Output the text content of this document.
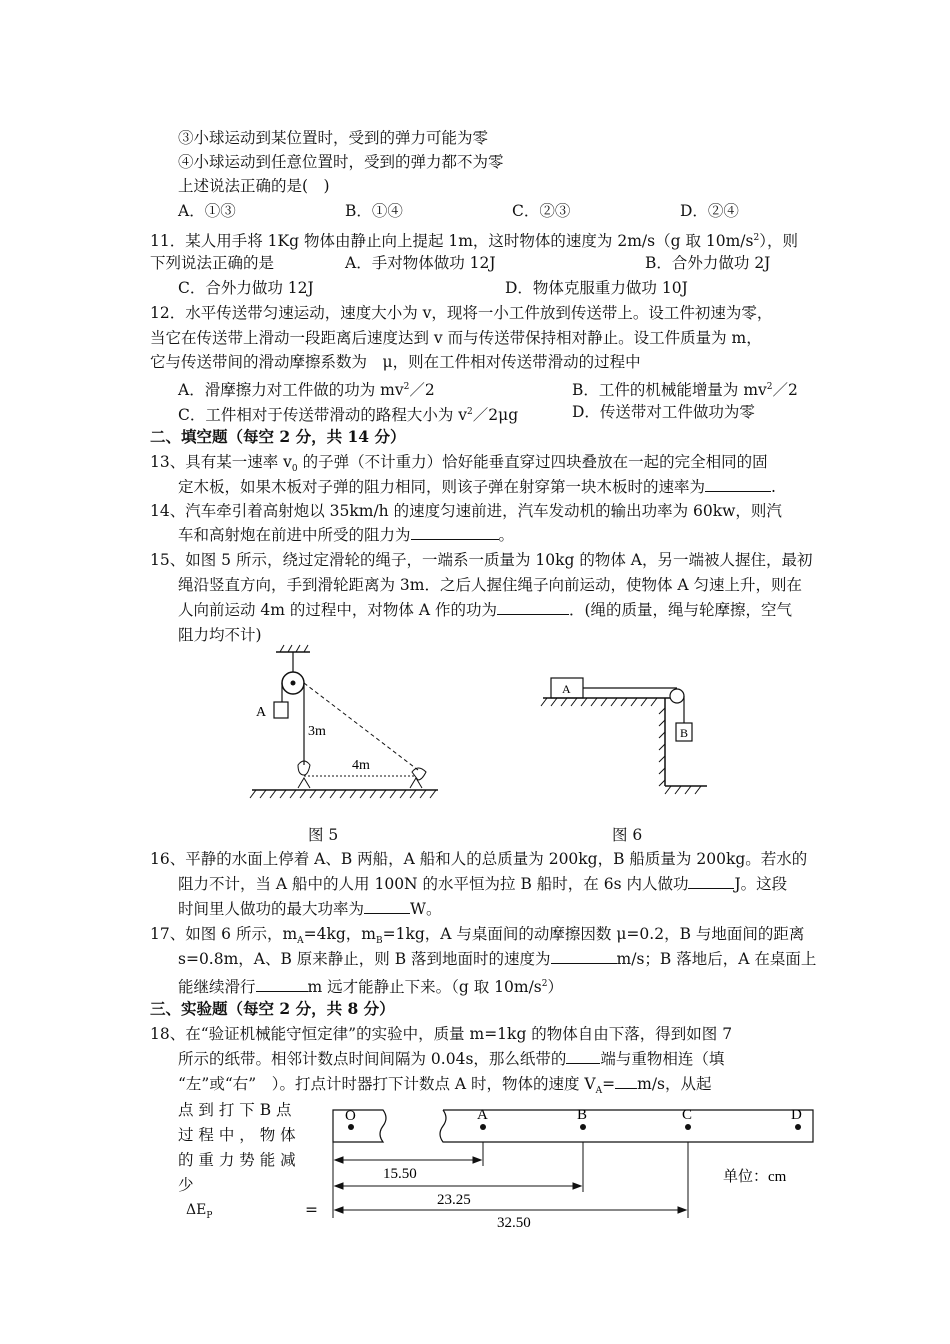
③小球运动到某位置时，受到的弹力可能为零
④小球运动到任意位置时，受到的弹力都不为零
上述说法正确的是(　)
A．①③	B．①④	C．②③	D．②④
11．某人用手将 1Kg 物体由静止向上提起 1m，这时物体的速度为 2m/s（g 取 $10m/s^2$），则
下列说法正确的是	A．手对物体做功 12J	B．合外力做功 2J
C．合外力做功 12J	D．物体克服重力做功 10J
12．水平传送带匀速运动，速度大小为 v，现将一小工件放到传送带上。设工件初速为零，
当它在传送带上滑动一段距离后速度达到 v 而与传送带保持相对静止。设工件质量为 m，
它与传送带间的滑动摩擦系数为　μ，则在工件相对传送带滑动的过程中
A．滑摩擦力对工件做的功为 $mv^2/2$	B．工件的机械能增量为 $mv^2/2$
C．工件相对于传送带滑动的路程大小为 $v^2/2\mu g$	D．传送带对工件做功为零
二、填空题（每空 2 分，共 14 分）
13、具有某一速率 $v_0$ 的子弹（不计重力）恰好能垂直穿过四块叠放在一起的完全相同的固
定木板，如果木板对子弹的阻力相同，则该子弹在射穿第一块木板时的速率为	.
14、汽车牵引着高射炮以 35km/h 的速度匀速前进，汽车发动机的输出功率为 60kw，则汽
车和高射炮在前进中所受的阻力为	。
15、如图 5 所示，绕过定滑轮的绳子，一端系一质量为 10kg 的物体 A，另一端被人握住，最初
绳沿竖直方向，手到滑轮距离为 3m．之后人握住绳子向前运动，使物体 A 匀速上升，则在
人向前运动 4m 的过程中，对物体 A 作的功为	．(绳的质量，绳与轮摩擦，空气
阻力均不计)
A
3m
4m
图 5
A
B
图 6
16、平静的水面上停着 A、B 两船，A 船和人的总质量为 200kg，B 船质量为 200kg。若水的
阻力不计，当 A 船中的人用 100N 的水平恒为拉 B 船时，在 6s 内人做功	J。这段
时间里人做功的最大功率为	W。
17、如图 6 所示，$m_A=4kg$，$m_B=1kg$，A 与桌面间的动摩擦因数 μ=0.2，B 与地面间的距离
s=0.8m，A、B 原来静止，则 B 落到地面时的速度为	m/s；B 落地后，A 在桌面上
能继续滑行	m 远才能静止下来。（g 取 $10m/s^2$）
三、实验题（每空 2 分，共 8 分）
18、在“验证机械能守恒定律”的实验中，质量 m=1kg 的物体自由下落，得到如图 7
所示的纸带。相邻计数点时间间隔为 0.04s，那么纸带的 端与重物相连（填
“左”或“右”　）。打点计时器打下计数点 A 时，物体的速度 $V_A= m/s$，从起
点 到 打 下 B 点
过 程 中 ， 物 体
的 重 力 势 能 减
少
$\Delta E_P$	=
O	A	B	C	D
15.50
23.25
32.50
单位：cm
